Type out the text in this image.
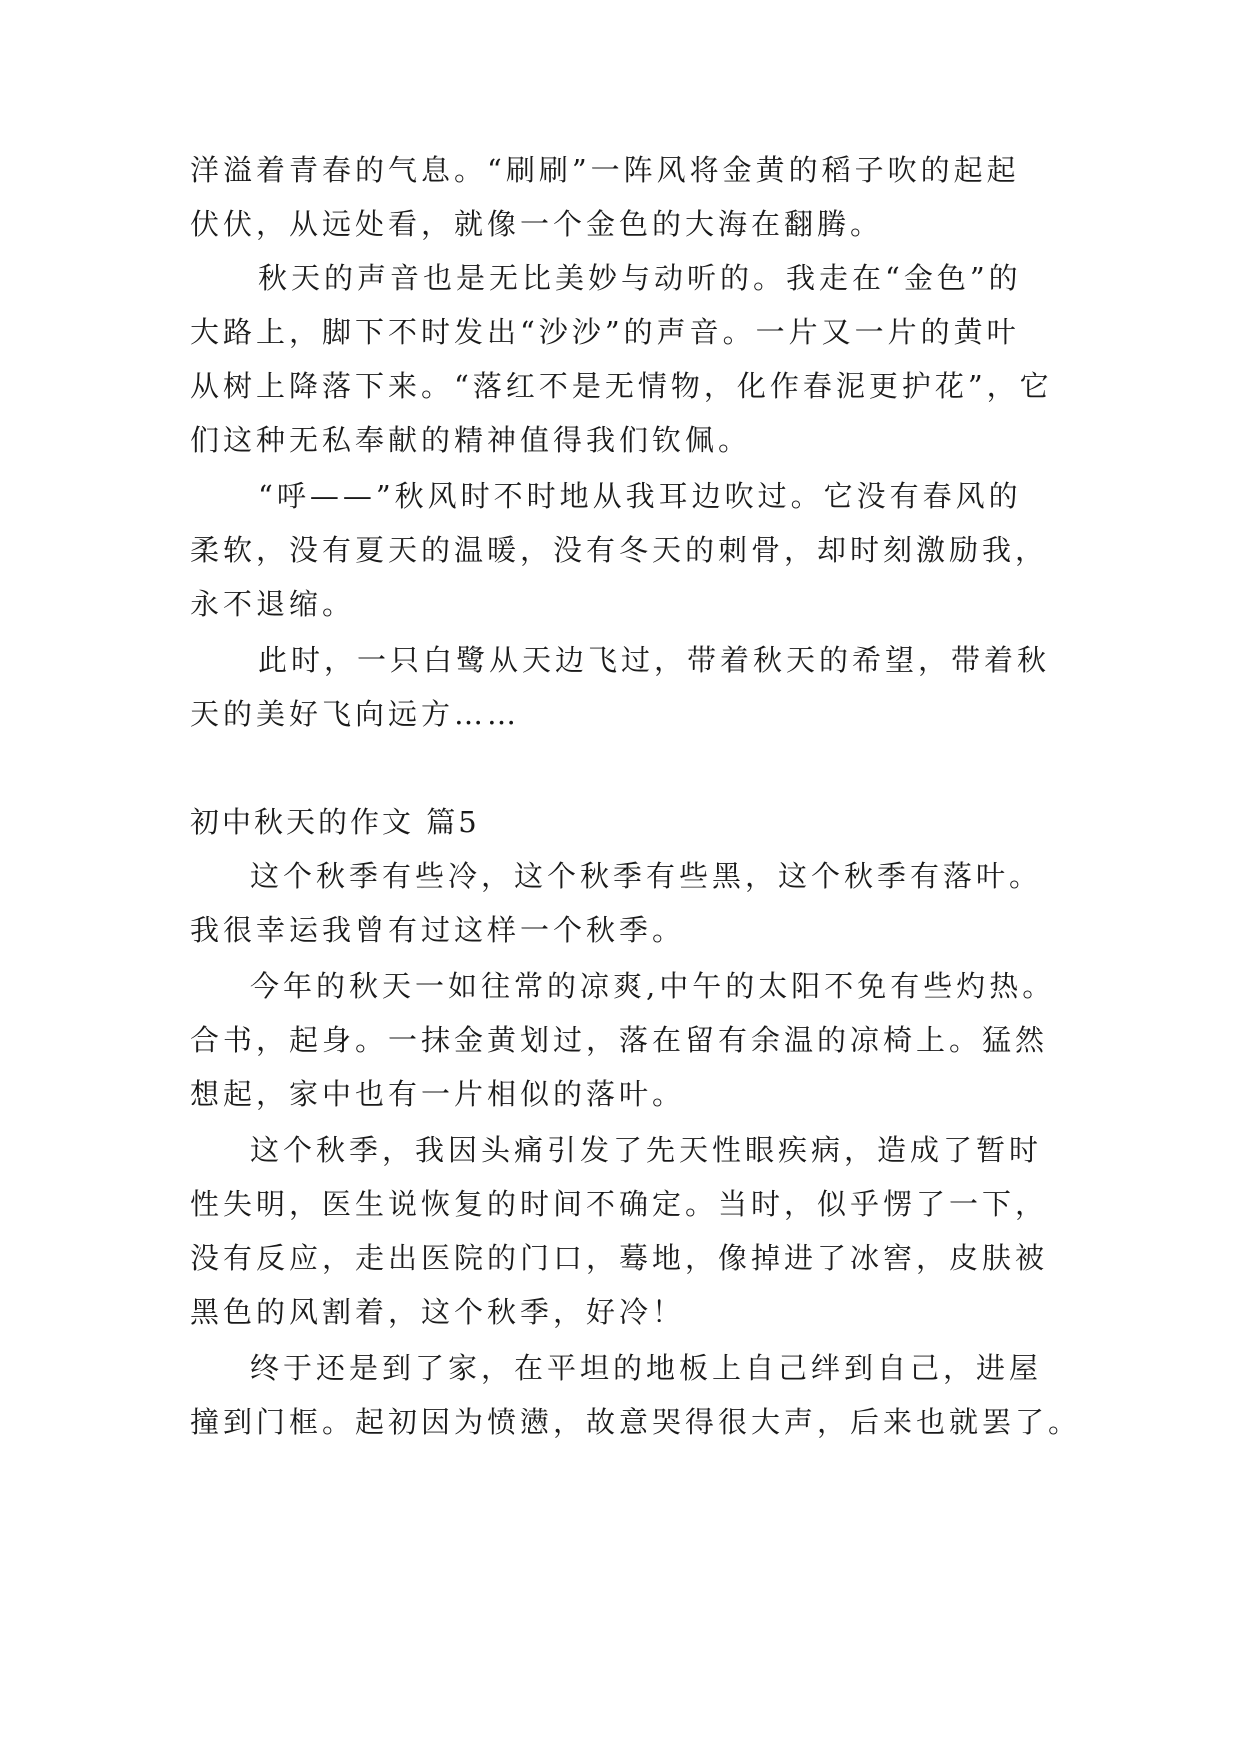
洋溢着青春的气息。“刷刷”一阵风将金黄的稻子吹的起起
伏伏，从远处看，就像一个金色的大海在翻腾。
秋天的声音也是无比美妙与动听的。我走在“金色”的
大路上，脚下不时发出“沙沙”的声音。一片又一片的黄叶
从树上降落下来。“落红不是无情物，化作春泥更护花”，它
们这种无私奉献的精神值得我们钦佩。
“呼——”秋风时不时地从我耳边吹过。它没有春风的
柔软，没有夏天的温暖，没有冬天的刺骨，却时刻激励我，
永不退缩。
此时，一只白鹭从天边飞过，带着秋天的希望，带着秋
天的美好飞向远方……
初中秋天的作文 篇5
这个秋季有些冷，这个秋季有些黑，这个秋季有落叶。
我很幸运我曾有过这样一个秋季。
今年的秋天一如往常的凉爽,中午的太阳不免有些灼热。
合书，起身。一抹金黄划过，落在留有余温的凉椅上。猛然
想起，家中也有一片相似的落叶。
这个秋季，我因头痛引发了先天性眼疾病，造成了暂时
性失明，医生说恢复的时间不确定。当时，似乎愣了一下，
没有反应，走出医院的门口，蓦地，像掉进了冰窖，皮肤被
黑色的风割着，这个秋季，好冷！
终于还是到了家，在平坦的地板上自己绊到自己，进屋
撞到门框。起初因为愤懑，故意哭得很大声，后来也就罢了。
